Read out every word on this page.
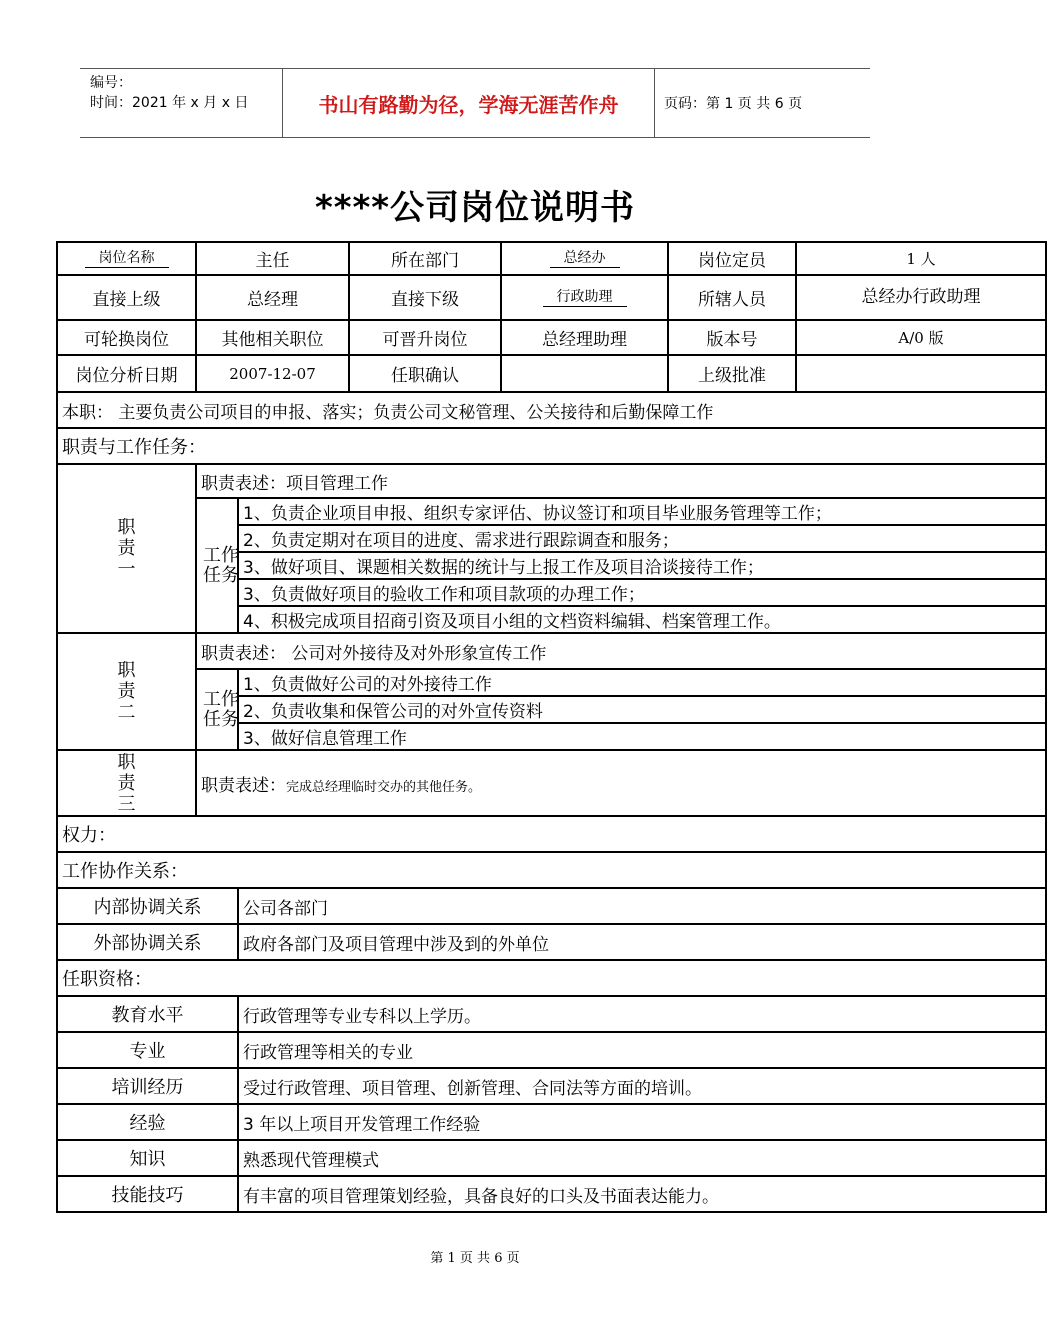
编号：
时间：2021 年 x 月 x 日	书山有路勤为径，学海无涯苦作舟	页码：第 1 页 共 6 页
****公司岗位说明书
岗位名称	主任		所在部门	总经办	岗位定员	1 人
直接上级	总经理		直接下级	行政助理	所辖人员	总经办行政助理
可轮换岗位	其他相关职位		可晋升岗位	总经理助理	版本号	A/0 版
岗位分析日期	2007-12-07		任职确认		上级批准	
本职： 主要负责公司项目的申报、落实；负责公司文秘管理、公关接待和后勤保障工作						
职责与工作任务：						

职责一	职责表述：项目管理工作					

	工作任务	1、负责企业项目申报、组织专家评估、协议签订和项目毕业服务管理等工作；				
		2、负责定期对在项目的进度、需求进行跟踪调查和服务；				
		3、做好项目、课题相关数据的统计与上报工作及项目洽谈接待工作；				
		3、负责做好项目的验收工作和项目款项的办理工作；				
		4、积极完成项目招商引资及项目小组的文档资料编辑、档案管理工作。				

职责二	职责表述： 公司对外接待及对外形象宣传工作					

	工作任务	1、负责做好公司的对外接待工作				
		2、负责收集和保管公司的对外宣传资料				
		3、做好信息管理工作				

职责三	职责表述：完成总经理临时交办的其他任务。					
权力：						
工作协作关系：						
内部协调关系		公司各部门				
外部协调关系		政府各部门及项目管理中涉及到的外单位				
任职资格：						
教育水平		行政管理等专业专科以上学历。				
专业		行政管理等相关的专业				
培训经历		受过行政管理、项目管理、创新管理、合同法等方面的培训。				
经验		3 年以上项目开发管理工作经验				
知识		熟悉现代管理模式				
技能技巧		有丰富的项目管理策划经验，具备良好的口头及书面表达能力。				
第 1 页 共 6 页
